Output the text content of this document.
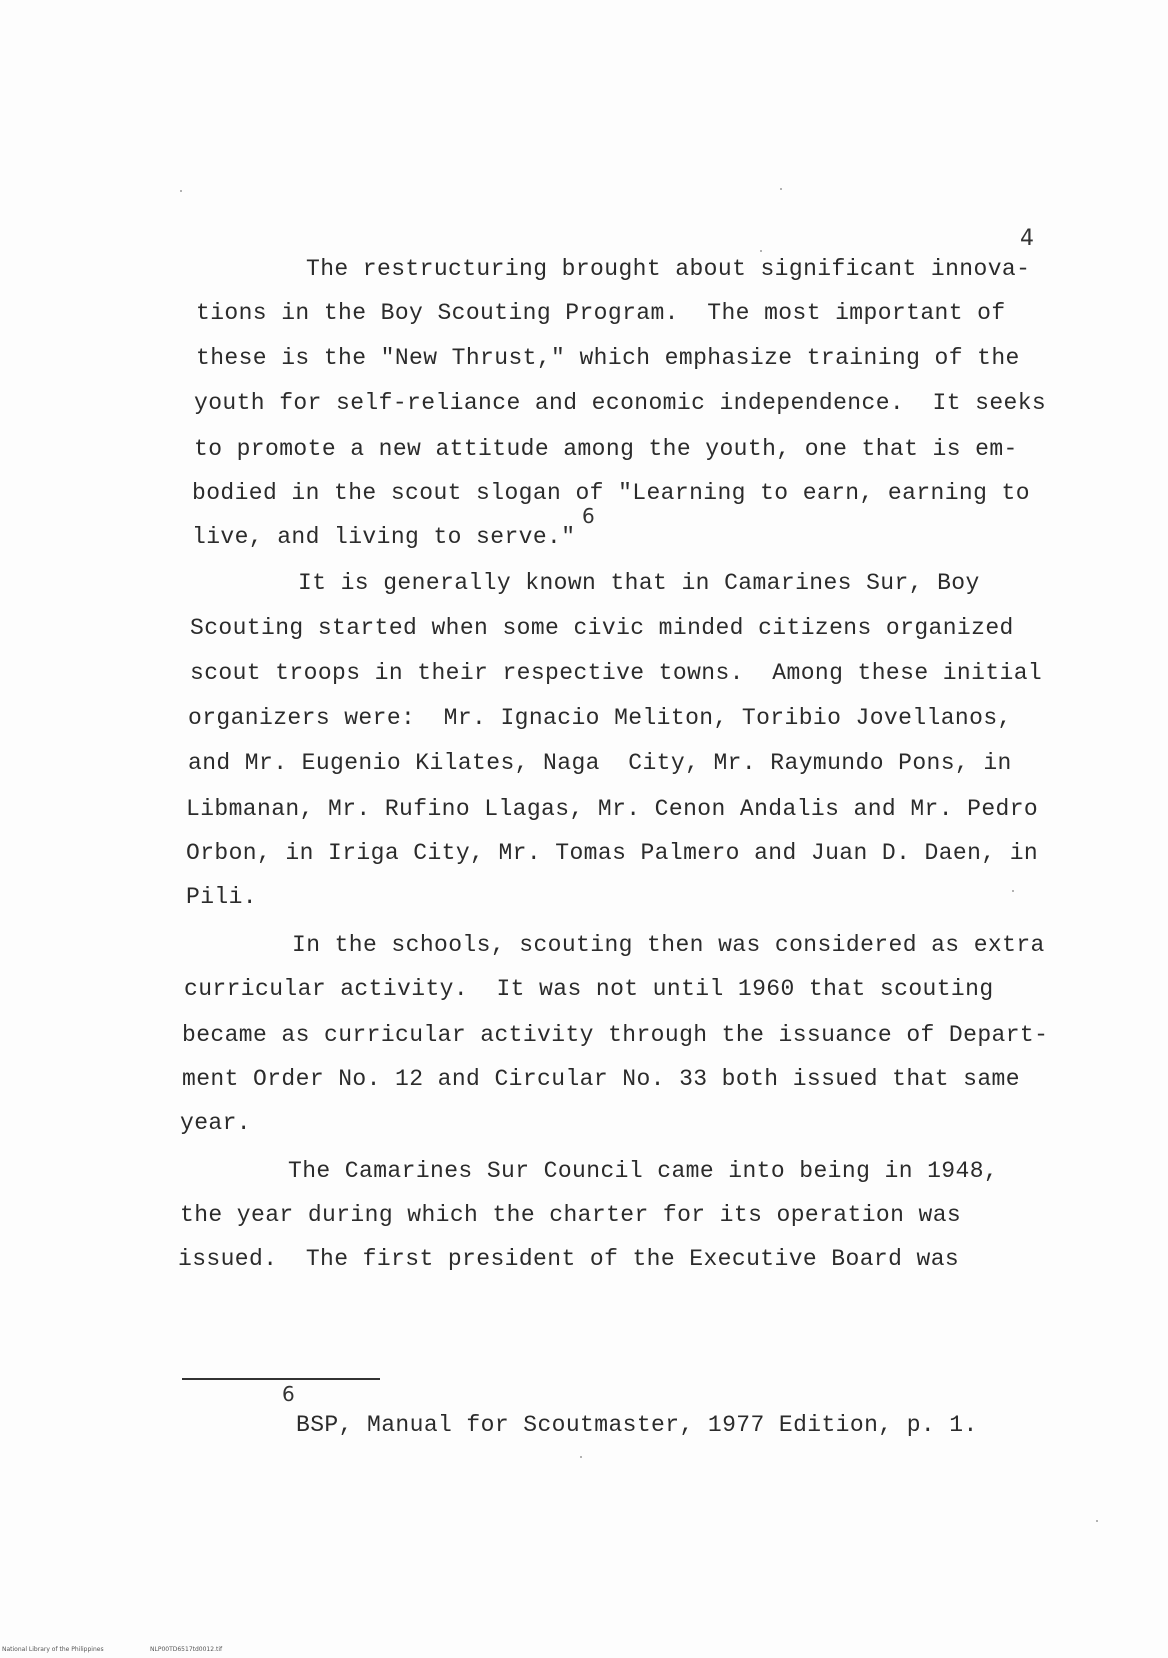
4
The restructuring brought about significant innova-
tions in the Boy Scouting Program.  The most important of
these is the "New Thrust," which emphasize training of the
youth for self-reliance and economic independence.  It seeks
to promote a new attitude among the youth, one that is em-
bodied in the scout slogan of "Learning to earn, earning to
6
live, and living to serve."
It is generally known that in Camarines Sur, Boy
Scouting started when some civic minded citizens organized
scout troops in their respective towns.  Among these initial
organizers were:  Mr. Ignacio Meliton, Toribio Jovellanos,
and Mr. Eugenio Kilates, Naga  City, Mr. Raymundo Pons, in
Libmanan, Mr. Rufino Llagas, Mr. Cenon Andalis and Mr. Pedro
Orbon, in Iriga City, Mr. Tomas Palmero and Juan D. Daen, in
Pili.
In the schools, scouting then was considered as extra
curricular activity.  It was not until 1960 that scouting
became as curricular activity through the issuance of Depart-
ment Order No. 12 and Circular No. 33 both issued that same
year.
The Camarines Sur Council came into being in 1948,
the year during which the charter for its operation was
issued.  The first president of the Executive Board was
6
BSP, Manual for Scoutmaster, 1977 Edition, p. 1.
National Library of the Philippines	NLP00TD6517td0012.tif
